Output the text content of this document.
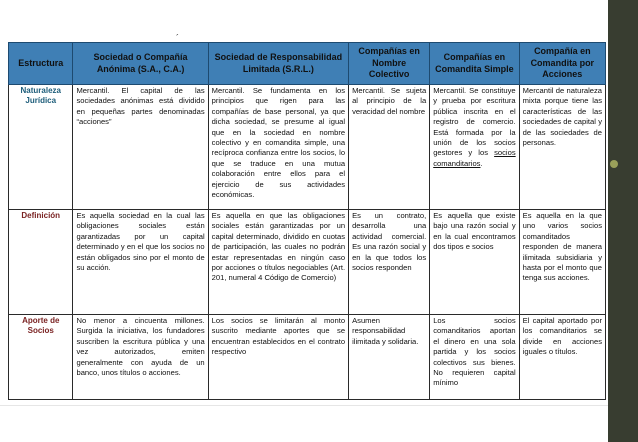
´
Estructura	Sociedad o Compañía Anónima (S.A., C.A.)	Sociedad de Responsabilidad Limitada (S.R.L.)	Compañías en Nombre Colectivo	Compañías en Comandita Simple	Compañía en Comandita por Acciones
Naturaleza Jurídica	Mercantil. El capital de las sociedades anónimas está dividido en pequeñas partes denominadas “acciones”	Mercantil. Se fundamenta en los principios que rigen para las compañías de base personal, ya que dicha sociedad, se presume al igual que en la sociedad en nombre colectivo y en comandita simple, una recíproca confianza entre los socios, lo que se traduce en una mutua colaboración entre ellos para el ejercicio de sus actividades económicas.	Mercantil. Se sujeta al principio de la veracidad del nombre	Mercantil. Se constituye y prueba por escritura pública inscrita en el registro de comercio. Está formada por la unión de los socios gestores y los socios comanditarios.	Mercantil de naturaleza mixta porque tiene las características de las sociedades de capital y de las sociedades de personas.
Definición	Es aquella sociedad en la cual las obligaciones sociales están garantizadas por un capital determinado y en el que los socios no están obligados sino por el monto de su acción.	Es aquella en que las obligaciones sociales están garantizadas por un capital determinado, dividido en cuotas de participación, las cuales no podrán estar representadas en ningún caso por acciones o títulos negociables (Art. 201, numeral 4 Código de Comercio)	Es un contrato, desarrolla una actividad comercial. Es una razón social y en la que todos los socios responden	Es aquella que existe bajo una razón social y en la cual encontramos dos tipos e socios	Es aquella en la que uno varios socios comanditados responden de manera ilimitada subsidiaria y hasta por el monto que tenga sus acciones.
Aporte de Socios	No menor a cincuenta millones. Surgida la iniciativa, los fundadores suscriben la escritura pública y una vez autorizados, emiten generalmente con ayuda de un banco, unos títulos o acciones.	Los socios se limitarán al monto suscrito mediante aportes que se encuentran establecidos en el contrato respectivo	Asumen responsabilidad ilimitada y solidaria.	Los socios comanditarios aportan el dinero en una sola partida y los socios colectivos sus bienes. No requieren capital mínimo	El capital aportado por los comanditarios se divide en acciones iguales o títulos.
